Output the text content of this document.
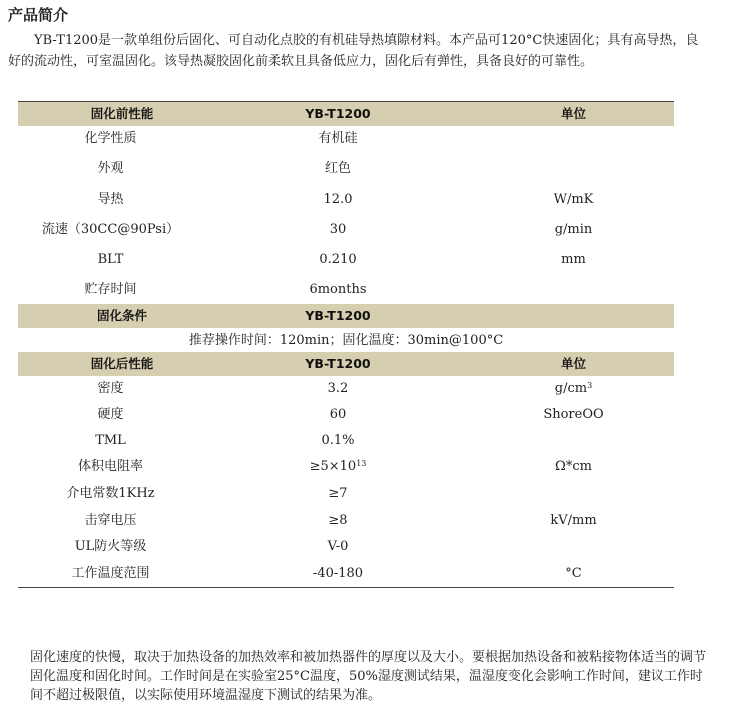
产品简介
YB-T1200是一款单组份后固化、可自动化点胶的有机硅导热填隙材料。本产品可120°C快速固化；具有高导热，良好的流动性，可室温固化。该导热凝胶固化前柔软且具备低应力，固化后有弹性，具备良好的可靠性。
固化前性能	YB-T1200	单位
化学性质	有机硅
外观	红色
导热	12.0	W/mK
流速（30CC@90Psi）	30	g/min
BLT	0.210	mm
贮存时间	6months
固化条件	YB-T1200
推荐操作时间：120min；固化温度：30min@100°C
固化后性能	YB-T1200	单位
密度	3.2	$g/cm^3$
硬度	60	ShoreOO
TML	0.1%
体积电阻率	$\ge 5\times 10^{13}$	Ω*cm
介电常数1KHz	≥7
击穿电压	≥8	kV/mm
UL防火等级	V-0
工作温度范围	-40-180	°C
固化速度的快慢，取决于加热设备的加热效率和被加热器件的厚度以及大小。要根据加热设备和被粘接物体适当的调节固化温度和固化时间。工作时间是在实验室25°C温度，50%湿度测试结果，温湿度变化会影响工作时间，建议工作时间不超过极限值，以实际使用环境温湿度下测试的结果为准。
